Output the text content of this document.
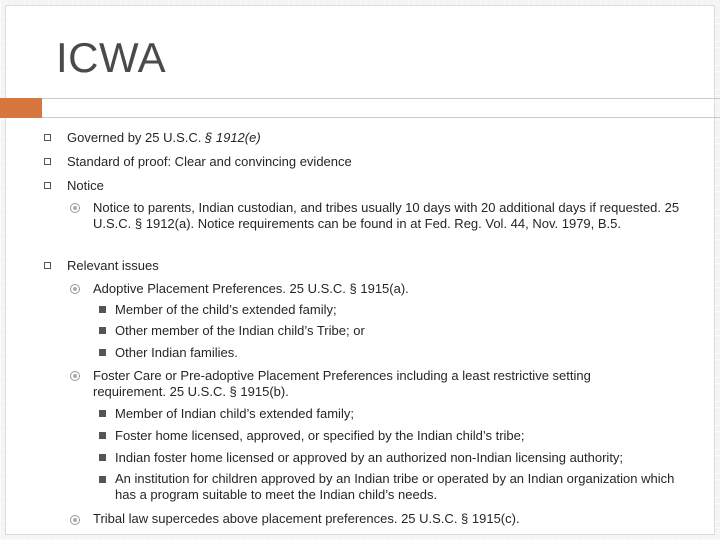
ICWA
Governed by 25 U.S.C. § 1912(e)
Standard of proof: Clear and convincing evidence
Notice
Notice to parents, Indian custodian, and tribes usually 10 days with 20 additional days if requested. 25 U.S.C. § 1912(a). Notice requirements can be found in at Fed. Reg. Vol. 44, Nov. 1979, B.5.
Relevant issues
Adoptive Placement Preferences. 25 U.S.C. § 1915(a).
Member of the child’s extended family;
Other member of the Indian child’s Tribe; or
Other Indian families.
Foster Care or Pre-adoptive Placement Preferences including a least restrictive setting requirement. 25 U.S.C. § 1915(b).
Member of Indian child’s extended family;
Foster home licensed, approved, or specified by the Indian child’s tribe;
Indian foster home licensed or approved by an authorized non-Indian licensing authority;
An institution for children approved by an Indian tribe or operated by an Indian organization which has a program suitable to meet the Indian child’s needs.
Tribal law supercedes above placement preferences. 25 U.S.C. § 1915(c).
